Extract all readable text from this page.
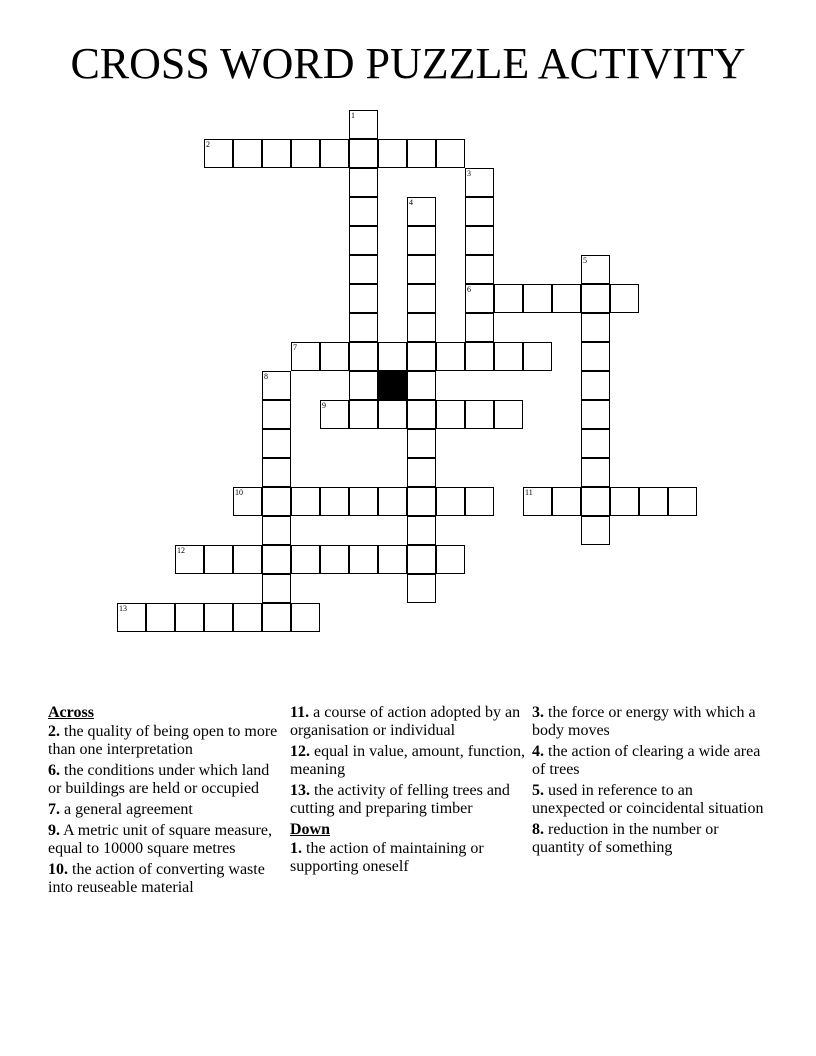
CROSS WORD PUZZLE ACTIVITY
1
2
3
6
4
5
7
8
9
10	11
12
13
Across
2. the quality of being open to more than one interpretation
6. the conditions under which land or buildings are held or occupied
7. a general agreement
9. A metric unit of square measure, equal to 10000 square metres
10. the action of converting waste into reuseable material
11. a course of action adopted by an organisation or individual
12. equal in value, amount, function, meaning
13. the activity of felling trees and cutting and preparing timber
Down
1. the action of maintaining or supporting oneself
3. the force or energy with which a body moves
4. the action of clearing a wide area of trees
5. used in reference to an unexpected or coincidental situation
8. reduction in the number or quantity of something
